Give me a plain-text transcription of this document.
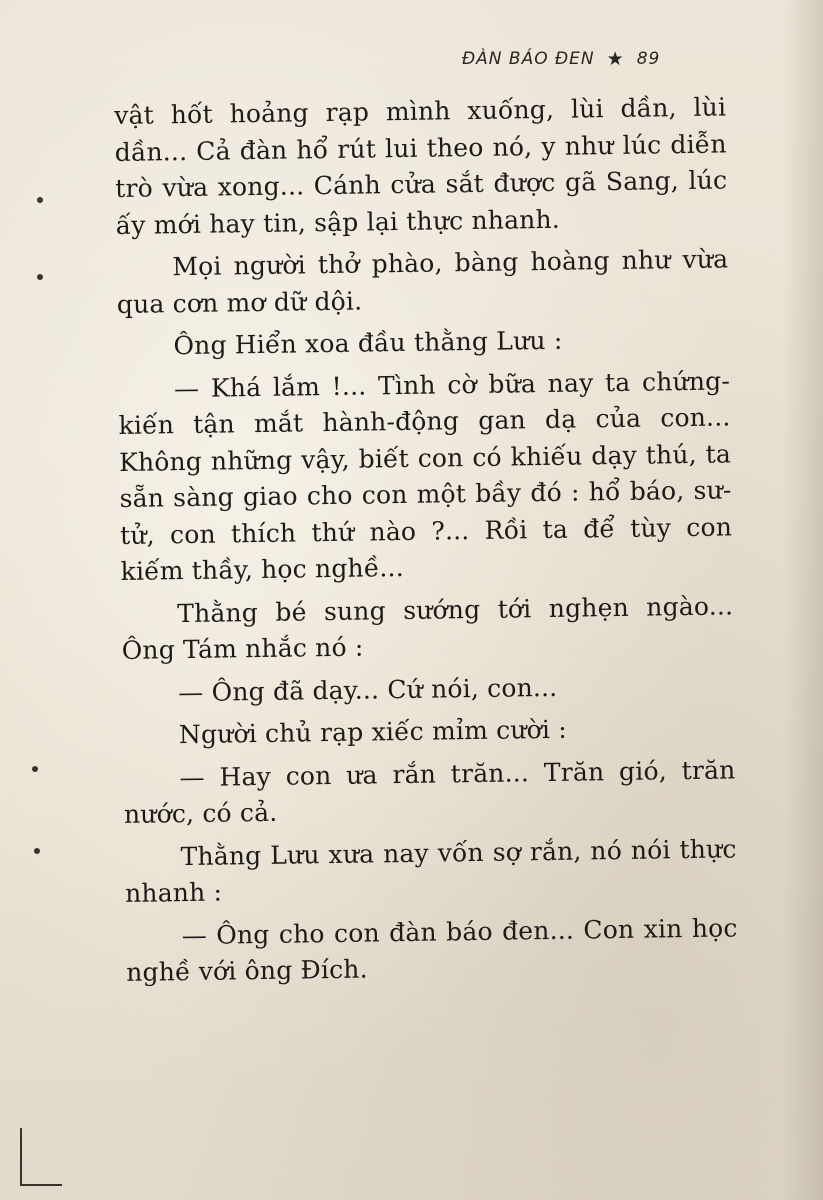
ĐÀN BÁO ĐEN ★ 89

vật hốt hoảng rạp mình xuống, lùi dần, lùi dần... Cả đàn hổ rút lui theo nó, y như lúc diễn trò vừa xong... Cánh cửa sắt được gã Sang, lúc ấy mới hay tin, sập lại thực nhanh.

Mọi người thở phào, bàng hoàng như vừa qua cơn mơ dữ dội.

Ông Hiển xoa đầu thằng Lưu :

— Khá lắm !... Tình cờ bữa nay ta chứng-kiến tận mắt hành-động gan dạ của con... Không những vậy, biết con có khiếu dạy thú, ta sẵn sàng giao cho con một bầy đó : hổ báo, sư-tử, con thích thứ nào ?... Rồi ta để tùy con kiếm thầy, học nghề...

Thằng bé sung sướng tới nghẹn ngào... Ông Tám nhắc nó :

— Ông đã dạy... Cứ nói, con...

Người chủ rạp xiếc mỉm cười :

— Hay con ưa rắn trăn... Trăn gió, trăn nước, có cả.

Thằng Lưu xưa nay vốn sợ rắn, nó nói thực nhanh :

— Ông cho con đàn báo đen... Con xin học nghề với ông Đích.
